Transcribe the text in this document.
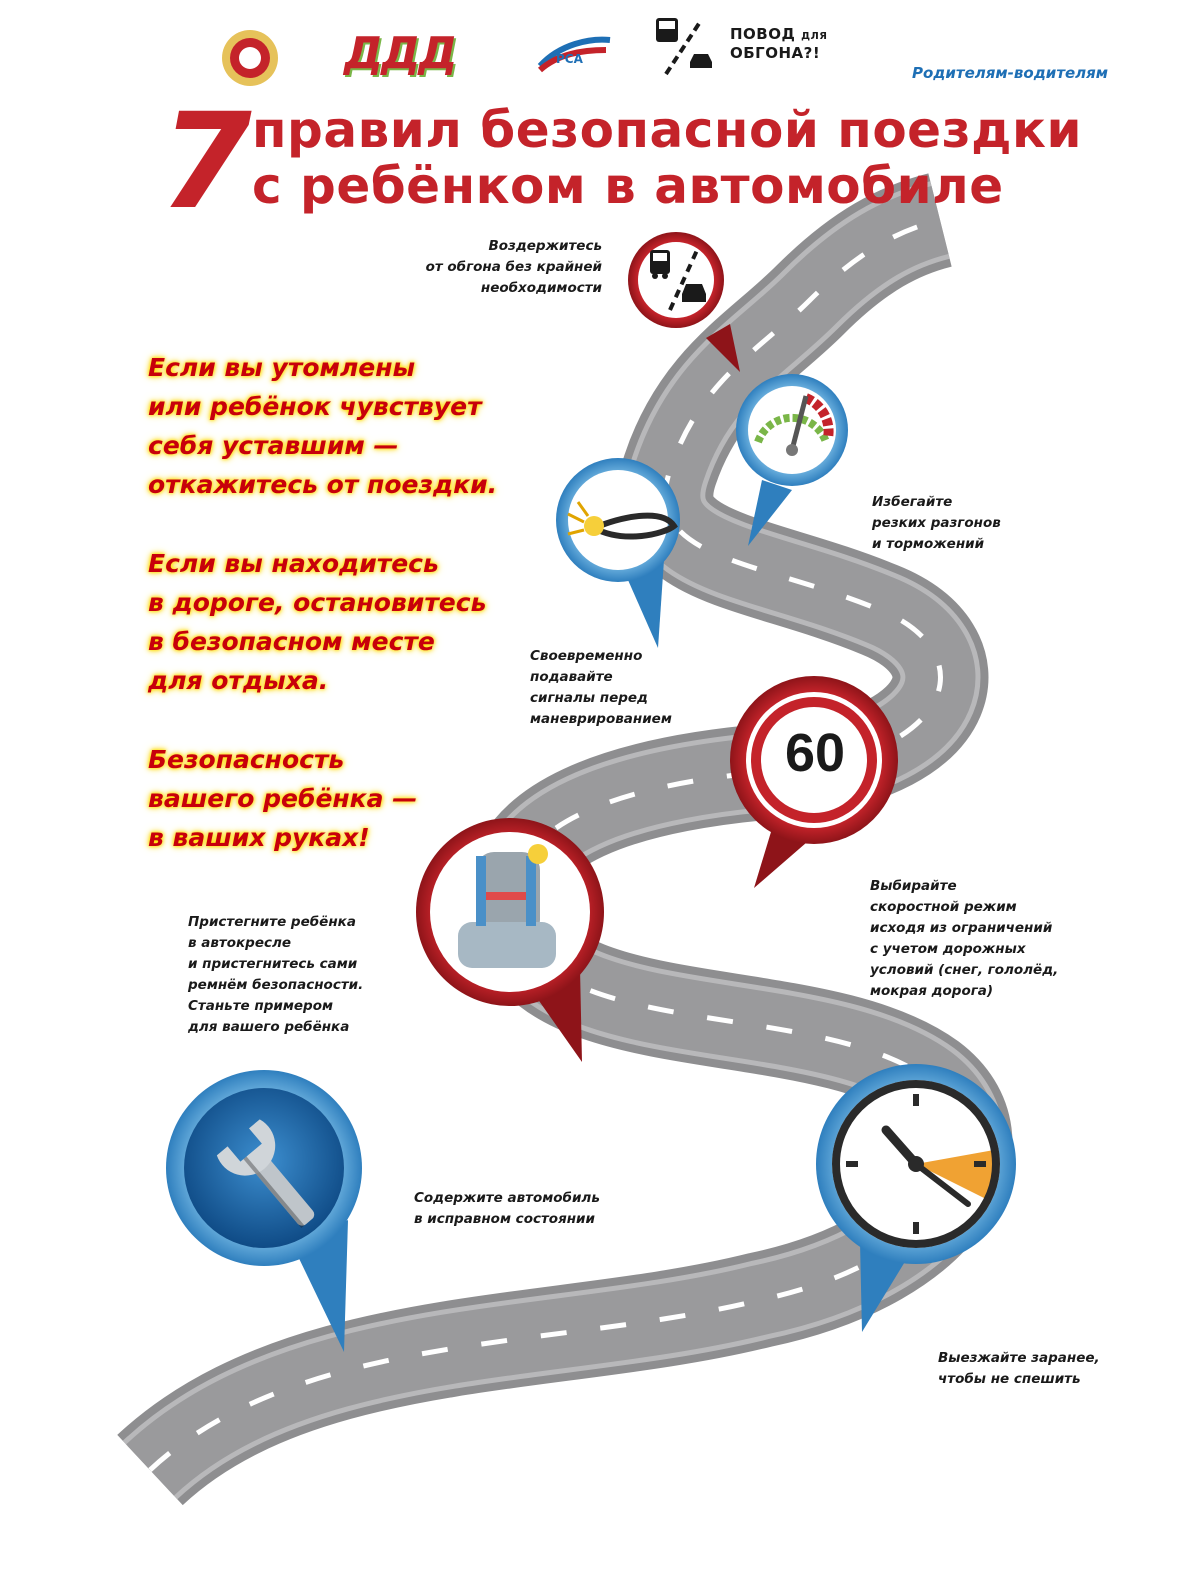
ДДД	РСА
ПОВОД ДЛЯ
ОБГОНА?!
Родителям-водителям
7 правил безопасной поездки
с ребёнком в автомобиле
60
Воздержитесь
от обгона без крайней
необходимости
Избегайте
резких разгонов
и торможений
Своевременно
подавайте
сигналы перед
маневрированием
Выбирайте
скоростной режим
исходя из ограничений
с учетом дорожных
условий (снег, гололёд,
мокрая дорога)
Пристегните ребёнка
в автокресле
и пристегнитесь сами
ремнём безопасности.
Станьте примером
для вашего ребёнка
Содержите автомобиль
в исправном состоянии
Выезжайте заранее,
чтобы не спешить
Если вы утомлены
или ребёнок чувствует
себя уставшим —
откажитесь от поездки.
Если вы находитесь
в дороге, остановитесь
в безопасном месте
для отдыха.
Безопасность
вашего ребёнка —
в ваших руках!
